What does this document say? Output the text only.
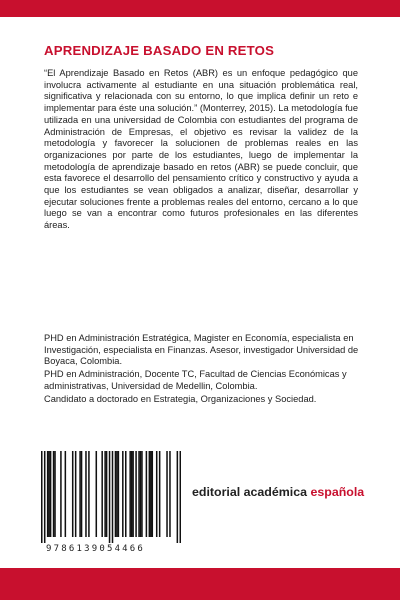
APRENDIZAJE BASADO EN RETOS

“El Aprendizaje Basado en Retos (ABR) es un enfoque pedagógico que involucra activamente al estudiante en una situación problemática real, significativa y relacionada con su entorno, lo que implica definir un reto e implementar para éste una solución.” (Monterrey, 2015). La metodología fue utilizada en una universidad de Colombia con estudiantes del programa de Administración de Empresas, el objetivo es revisar la validez de la metodología y favorecer la solucionen de problemas reales en las organizaciones por parte de los estudiantes, luego de implementar la metodología de aprendizaje basado en retos (ABR) se puede concluir, que esta favorece el desarrollo del pensamiento crítico y constructivo y ayuda a que los estudiantes se vean obligados a analizar, diseñar, desarrollar y ejecutar soluciones frente a problemas reales del entorno, cercano a lo que luego se van a encontrar como futuros profesionales en las diferentes áreas.

PHD en Administración Estratégica, Magister en Economía, especialista en Investigación, especialista en Finanzas. Asesor, investigador Universidad de Boyaca, Colombia.

PHD en Administración, Docente TC, Facultad de Ciencias Económicas y administrativas, Universidad de Medellin, Colombia.

Candidato a doctorado en Estrategia, Organizaciones y Sociedad.

9786139054466
editorial académica española
